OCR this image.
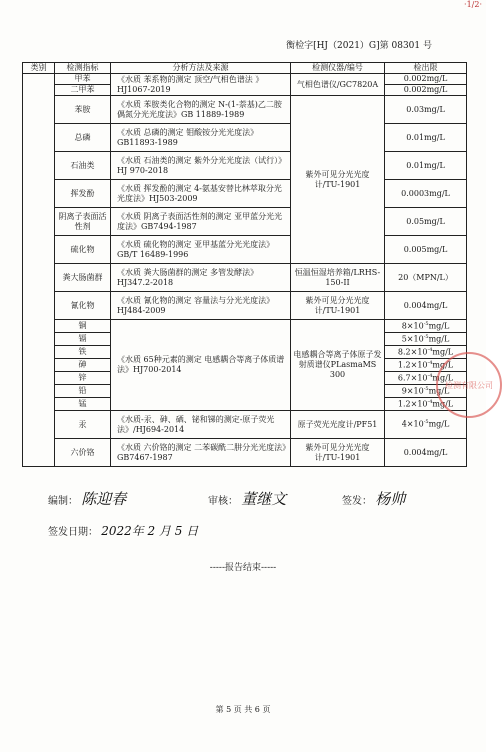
·1/2·
衡检字[HJ（2021）G]第 08301 号
类别	检测指标	分析方法及来源	检测仪器/编号	检出限
	甲苯	《水质 苯系物的测定 顶空/气相色谱法 》HJ1067-2019	气相色谱仪/GC7820A	0.002mg/L
	二甲苯			0.002mg/L
	苯胺	《水质 苯胺类化合物的测定 N-(1-萘基)乙二胺偶氮分光光度法》GB 11889-1989	紫外可见分光光度计/TU-1901	0.03mg/L
	总磷	《水质 总磷的测定 钼酸铵分光光度法》GB11893-1989		0.01mg/L
	石油类	《水质 石油类的测定 紫外分光光度法（试行）》 HJ 970-2018		0.01mg/L
	挥发酚	《水质 挥发酚的测定 4-氨基安替比林萃取分光光度法》HJ503-2009		0.0003mg/L
	阴离子表面活性剂	《水质 阴离子表面活性剂的测定 亚甲蓝分光光度法》GB7494-1987		0.05mg/L
	硫化物	《水质 硫化物的测定 亚甲基蓝分光光度法》GB/T 16489-1996		0.005mg/L
	粪大肠菌群	《水质 粪大肠菌群的测定 多管发酵法》HJ347.2-2018	恒温恒湿培养箱/LRHS-150-II	20（MPN/L）
	氰化物	《水质 氰化物的测定 容量法与分光光度法》HJ484-2009	紫外可见分光光度计/TU-1901	0.004mg/L
	铜	《水质 65种元素的测定 电感耦合等离子体质谱法》HJ700-2014	电感耦合等离子体原子发射质谱仪PLasmaMS 300	$8\times 10^{-5}mg/L$
	镉			$5\times 10^{-5}mg/L$
	铁			$8.2\times 10^{-4}mg/L$
	砷			$1.2\times 10^{-4}mg/L$
	锌			$6.7\times 10^{-4}mg/L$
	铅			$9\times 10^{-5}mg/L$
	锰			$1.2\times 10^{-4}mg/L$
	汞	《水质-汞、砷、硒、铋和锑的测定-原子荧光法》/HJ694-2014	原子荧光光度计/PF51	$4\times 10^{-5}mg/L$
	六价铬	《水质 六价铬的测定 二苯碳酰二肼分光光度法》GB7467-1987	紫外可见分光光度计/TU-1901	0.004mg/L
编制： 陈迎春	审核： 董继文	签发： 杨帅
签发日期： 2022年 2 月 5 日
-----报告结束-----
第 5 页 共 6 页
检测有限公司
